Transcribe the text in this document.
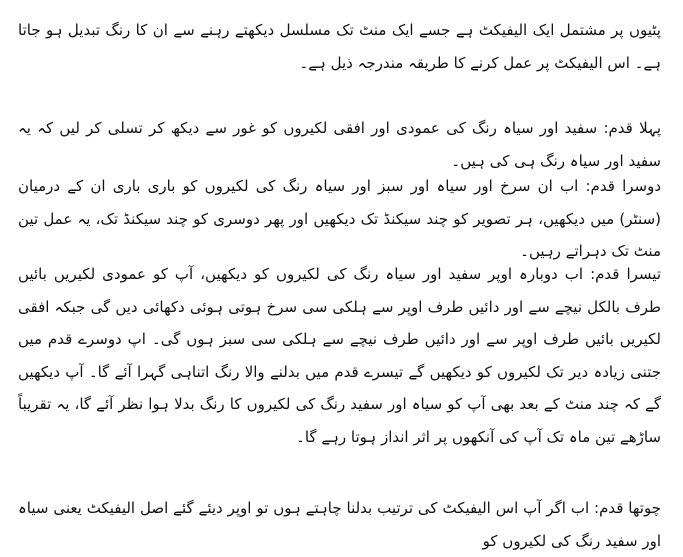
پٹیوں پر مشتمل ایک الیفیکٹ ہے جسے ایک منٹ تک مسلسل دیکھتے رہنے سے ان کا رنگ تبدیل ہو جاتا ہے۔ اس الیفیکٹ پر عمل کرنے کا طریقہ مندرجہ ذیل ہے۔

پہلا قدم: سفید اور سیاہ رنگ کی عمودی اور افقی لکیروں کو غور سے دیکھ کر تسلی کر لیں کہ یہ سفید اور سیاہ رنگ ہی کی ہیں۔

دوسرا قدم: اب ان سرخ اور سیاہ اور سبز اور سیاہ رنگ کی لکیروں کو باری باری ان کے درمیان (سنٹر) میں دیکھیں، ہر تصویر کو چند سیکنڈ تک دیکھیں اور پھر دوسری کو چند سیکنڈ تک، یہ عمل تین منٹ تک دہراتے رہیں۔

تیسرا قدم: اب دوبارہ اوپر سفید اور سیاہ رنگ کی لکیروں کو دیکھیں، آپ کو عمودی لکیریں بائیں طرف بالکل نیچے سے اور دائیں طرف اوپر سے ہلکی سی سرخ ہوتی ہوئی دکھائی دیں گی جبکہ افقی لکیریں بائیں طرف اوپر سے اور دائیں طرف نیچے سے ہلکی سی سبز ہوں گی۔ اپ دوسرے قدم میں جتنی زیادہ دیر تک لکیروں کو دیکھیں گے تیسرے قدم میں بدلنے والا رنگ اتناہی گہرا آئے گا۔ آپ دیکھیں گے کہ چند منٹ کے بعد بھی آپ کو سیاہ اور سفید رنگ کی لکیروں کا رنگ بدلا ہوا نظر آئے گا، یہ تقریباً ساڑھے تین ماہ تک آپ کی آنکھوں پر اثر انداز ہوتا رہے گا۔

چوتھا قدم: اب اگر آپ اس الیفیکٹ کی ترتیب بدلنا چاہتے ہوں تو اوپر دیئے گئے اصل الیفیکٹ یعنی سیاہ اور سفید رنگ کی لکیروں کو
